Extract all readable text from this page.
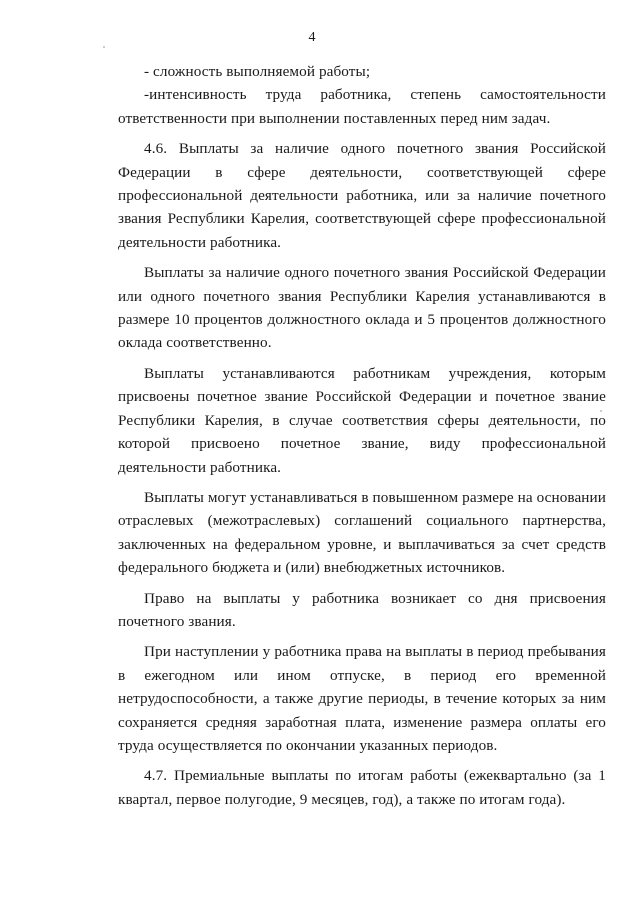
4

- сложность выполняемой работы;

-интенсивность труда работника, степень самостоятельности ответственности при выполнении поставленных перед ним задач.

4.6. Выплаты за наличие одного почетного звания Российской Федерации в сфере деятельности, соответствующей сфере профессиональной деятельности работника, или за наличие почетного звания Республики Карелия, соответствующей сфере профессиональной деятельности работника.

Выплаты за наличие одного почетного звания Российской Федерации или одного почетного звания Республики Карелия устанавливаются в размере 10 процентов должностного оклада и 5 процентов должностного оклада соответственно.

Выплаты устанавливаются работникам учреждения, которым присвоены почетное звание Российской Федерации и почетное звание Республики Карелия, в случае соответствия сферы деятельности, по которой присвоено почетное звание, виду профессиональной деятельности работника.

Выплаты могут устанавливаться в повышенном размере на основании отраслевых (межотраслевых) соглашений социального партнерства, заключенных на федеральном уровне, и выплачиваться за счет средств федерального бюджета и (или) внебюджетных источников.

Право на выплаты у работника возникает со дня присвоения почетного звания.

При наступлении у работника права на выплаты в период пребывания в ежегодном или ином отпуске, в период его временной нетрудоспособности, а также другие периоды, в течение которых за ним сохраняется средняя заработная плата, изменение размера оплаты его труда осуществляется по окончании указанных периодов.

4.7. Премиальные выплаты по итогам работы (ежеквартально (за 1 квартал, первое полугодие, 9 месяцев, год), а также по итогам года).
